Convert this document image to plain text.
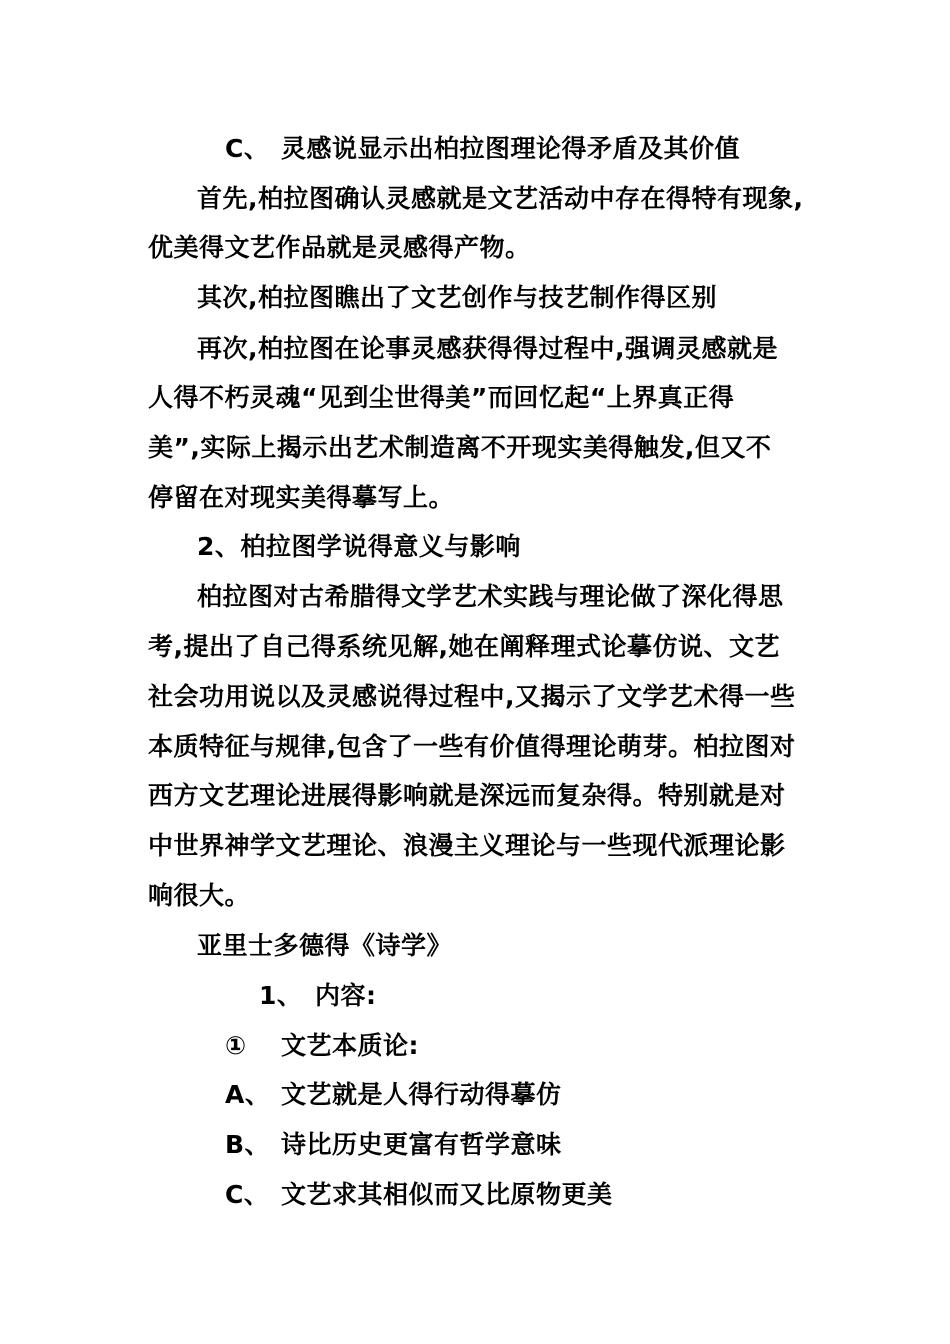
C、 灵感说显示出柏拉图理论得矛盾及其价值
首先,柏拉图确认灵感就是文艺活动中存在得特有现象,
优美得文艺作品就是灵感得产物。
其次,柏拉图瞧出了文艺创作与技艺制作得区别
再次,柏拉图在论事灵感获得得过程中,强调灵感就是
人得不朽灵魂“见到尘世得美”而回忆起“上界真正得
美”,实际上揭示出艺术制造离不开现实美得触发,但又不
停留在对现实美得摹写上。
2、柏拉图学说得意义与影响
柏拉图对古希腊得文学艺术实践与理论做了深化得思
考,提出了自己得系统见解,她在阐释理式论摹仿说、文艺
社会功用说以及灵感说得过程中,又揭示了文学艺术得一些
本质特征与规律,包含了一些有价值得理论萌芽。柏拉图对
西方文艺理论进展得影响就是深远而复杂得。特别就是对
中世界神学文艺理论、浪漫主义理论与一些现代派理论影
响很大。
亚里士多德得《诗学》
1、 内容:
① 文艺本质论:
A、 文艺就是人得行动得摹仿
B、 诗比历史更富有哲学意味
C、 文艺求其相似而又比原物更美
